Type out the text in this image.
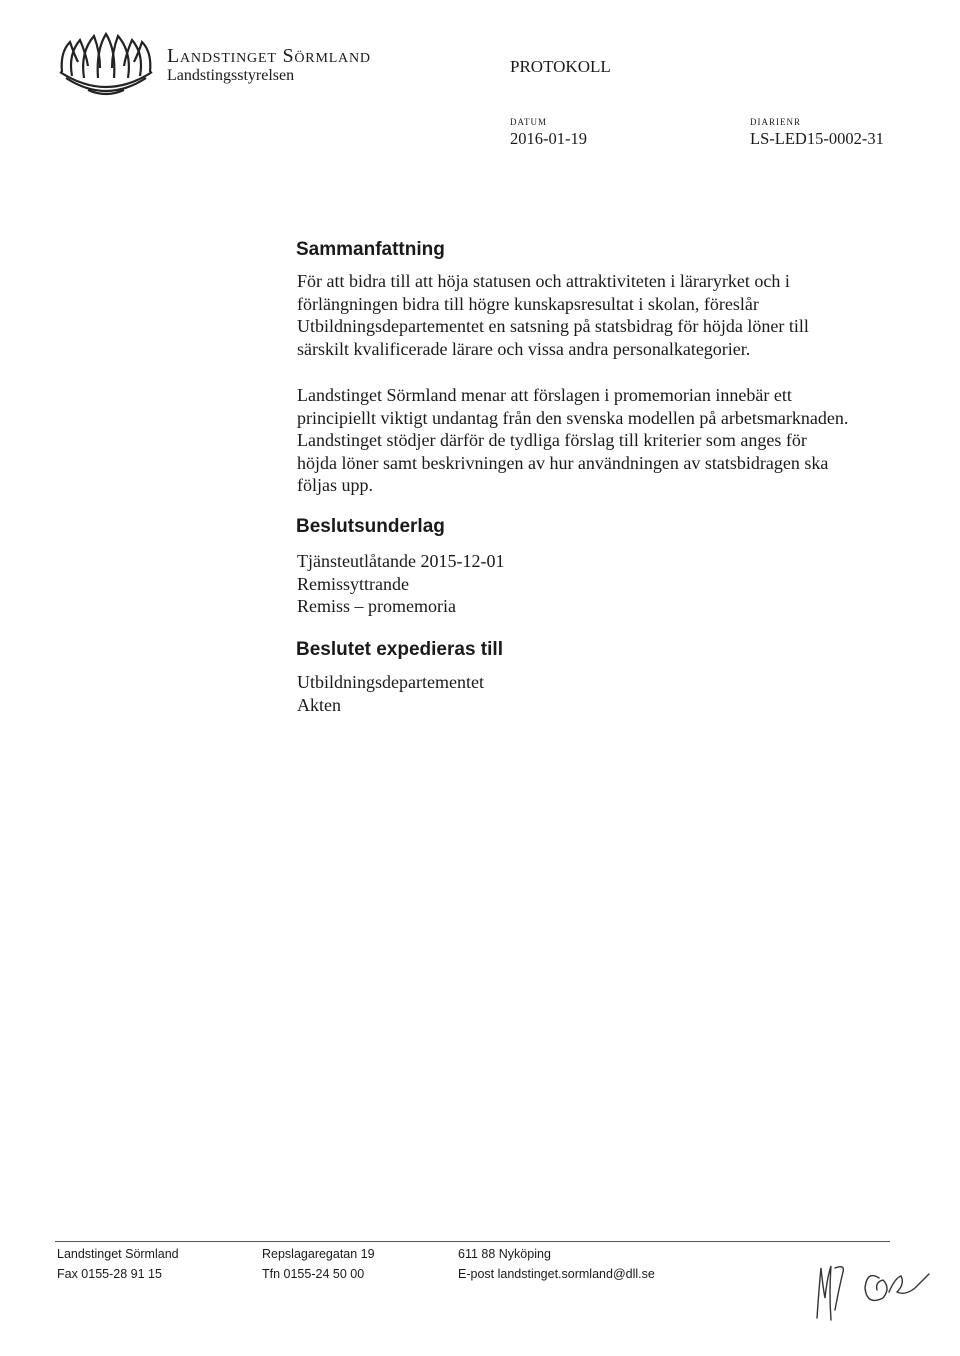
Landstinget Sörmland
Landstingsstyrelsen	PROTOKOLL
DATUM
2016-01-19
DIARIENR
LS-LED15-0002-31
Sammanfattning

För att bidra till att höja statusen och attraktiviteten i läraryrket och i

förlängningen bidra till högre kunskapsresultat i skolan, föreslår

Utbildningsdepartementet en satsning på statsbidrag för höjda löner till

särskilt kvalificerade lärare och vissa andra personalkategorier.

Landstinget Sörmland menar att förslagen i promemorian innebär ett

principiellt viktigt undantag från den svenska modellen på arbetsmarknaden.

Landstinget stödjer därför de tydliga förslag till kriterier som anges för

höjda löner samt beskrivningen av hur användningen av statsbidragen ska

följas upp.

Beslutsunderlag

Tjänsteutlåtande 2015-12-01

Remissyttrande

Remiss – promemoria

Beslutet expedieras till

Utbildningsdepartementet

Akten

Landstinget Sörmland
Fax 0155-28 91 15
Repslagaregatan 19
Tfn 0155-24 50 00
611 88 Nyköping
E-post landstinget.sormland@dll.se
